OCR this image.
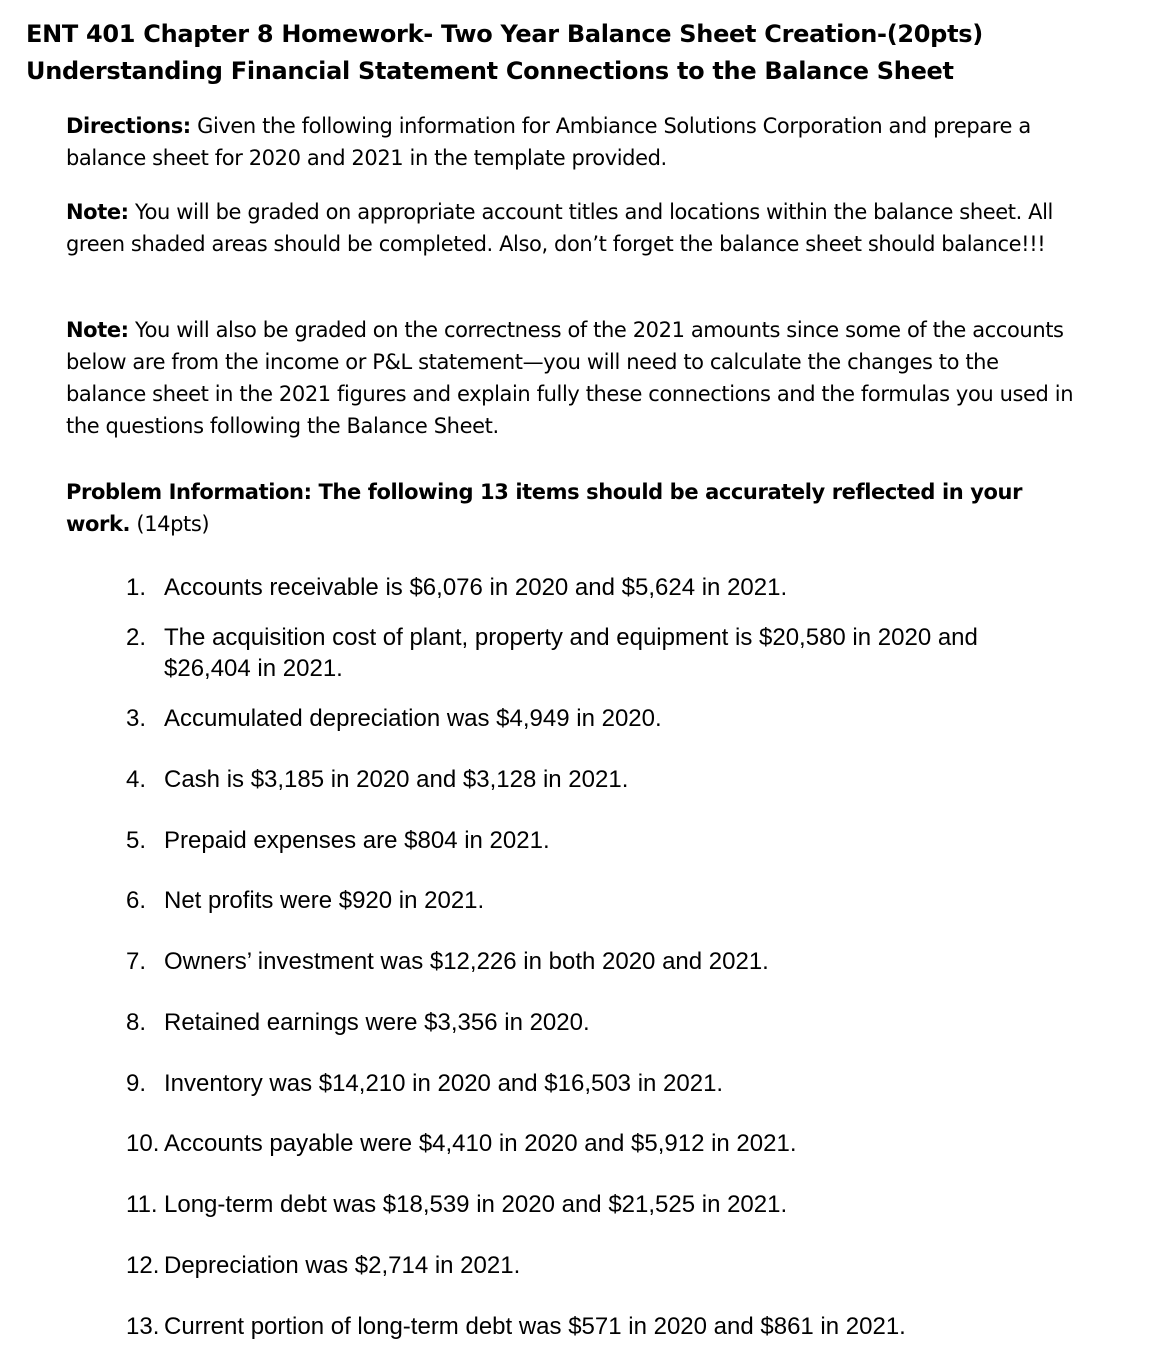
ENT 401 Chapter 8 Homework- Two Year Balance Sheet Creation-(20pts)
Understanding Financial Statement Connections to the Balance Sheet
Directions: Given the following information for Ambiance Solutions Corporation and prepare a balance sheet for 2020 and 2021 in the template provided.
Note: You will be graded on appropriate account titles and locations within the balance sheet. All green shaded areas should be completed. Also, don’t forget the balance sheet should balance!!!
Note: You will also be graded on the correctness of the 2021 amounts since some of the accounts below are from the income or P&L statement—you will need to calculate the changes to the balance sheet in the 2021 figures and explain fully these connections and the formulas you used in the questions following the Balance Sheet.
Problem Information: The following 13 items should be accurately reflected in your work. (14pts)
1. Accounts receivable is $6,076 in 2020 and $5,624 in 2021.
2. The acquisition cost of plant, property and equipment is $20,580 in 2020 and $26,404 in 2021.
3. Accumulated depreciation was $4,949 in 2020.
4. Cash is $3,185 in 2020 and $3,128 in 2021.
5. Prepaid expenses are $804 in 2021.
6. Net profits were $920 in 2021.
7. Owners’ investment was $12,226 in both 2020 and 2021.
8. Retained earnings were $3,356 in 2020.
9. Inventory was $14,210 in 2020 and $16,503 in 2021.
10. Accounts payable were $4,410 in 2020 and $5,912 in 2021.
11. Long-term debt was $18,539 in 2020 and $21,525 in 2021.
12. Depreciation was $2,714 in 2021.
13. Current portion of long-term debt was $571 in 2020 and $861 in 2021.
